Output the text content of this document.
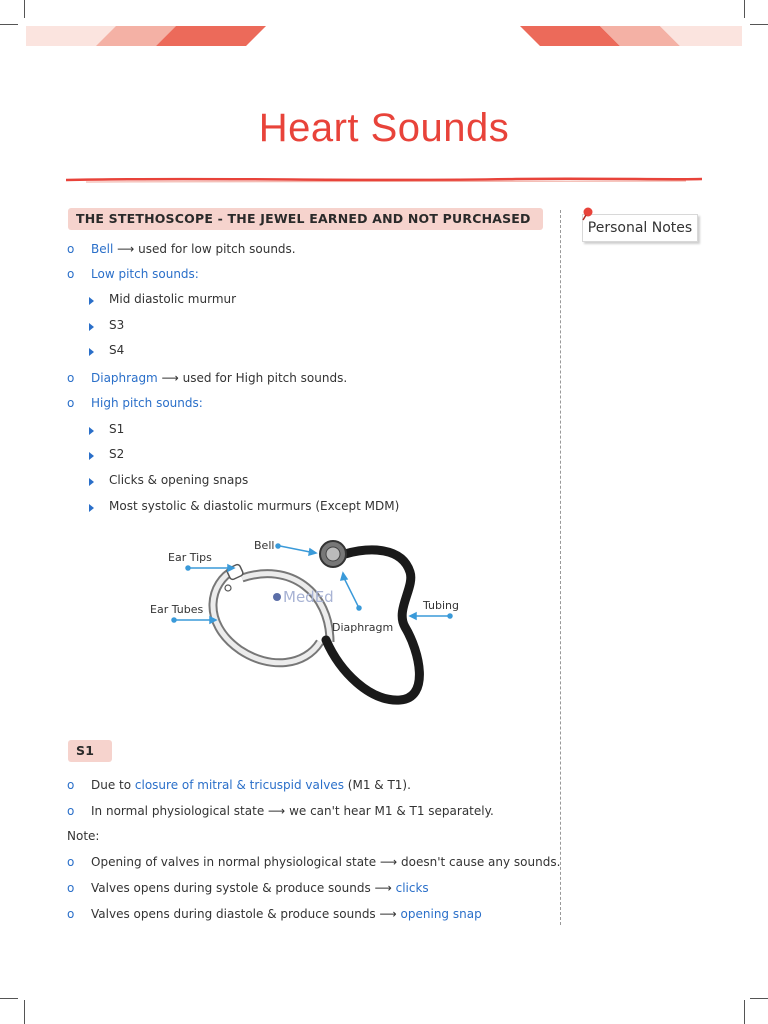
Heart Sounds
THE STETHOSCOPE - THE JEWEL EARNED AND NOT PURCHASED
o Bell ⟶ used for low pitch sounds.
o Low pitch sounds:
Mid diastolic murmur
S3
S4
o Diaphragm ⟶ used for High pitch sounds.
o High pitch sounds:
S1
S2
Clicks & opening snaps
Most systolic & diastolic murmurs (Except MDM)
MedEd
Ear Tips
Ear Tubes
Bell
Diaphragm
Tubing
S1
o Due to closure of mitral & tricuspid valves (M1 & T1).
o In normal physiological state ⟶ we can't hear M1 & T1 separately.
Note:
o Opening of valves in normal physiological state ⟶ doesn't cause any sounds.
o Valves opens during systole & produce sounds ⟶ clicks
o Valves opens during diastole & produce sounds ⟶ opening snap
Personal Notes
